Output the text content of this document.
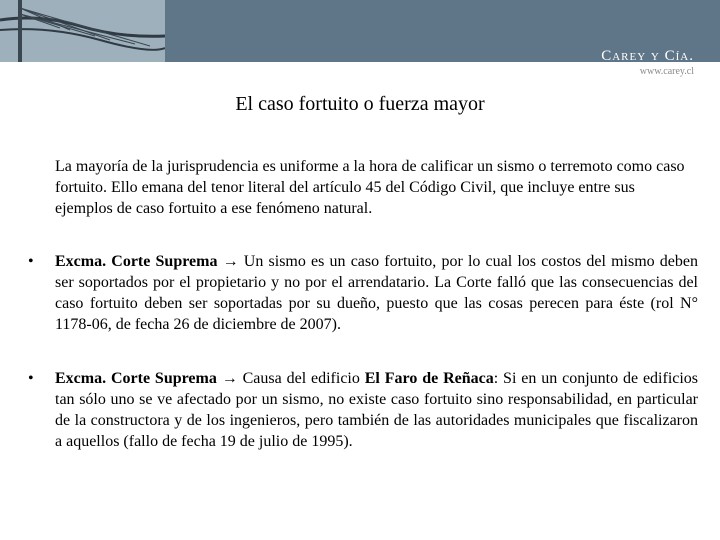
Carey y Cía.
www.carey.cl
El caso fortuito o fuerza mayor
La mayoría de la jurisprudencia es uniforme a la hora de calificar un sismo o terremoto como caso fortuito. Ello emana del tenor literal del artículo 45 del Código Civil, que incluye entre sus ejemplos de caso fortuito a ese fenómeno natural.
•	Excma. Corte Suprema → Un sismo es un caso fortuito, por lo cual los costos del mismo deben ser soportados por el propietario y no por el arrendatario. La Corte falló que las consecuencias del caso fortuito deben ser soportadas por su dueño, puesto que las cosas perecen para éste (rol N° 1178-06, de fecha 26 de diciembre de 2007).
•	Excma. Corte Suprema → Causa del edificio El Faro de Reñaca: Si en un conjunto de edificios tan sólo uno se ve afectado por un sismo, no existe caso fortuito sino responsabilidad, en particular de la constructora y de los ingenieros, pero también de las autoridades municipales que fiscalizaron a aquellos (fallo de fecha 19 de julio de 1995).
